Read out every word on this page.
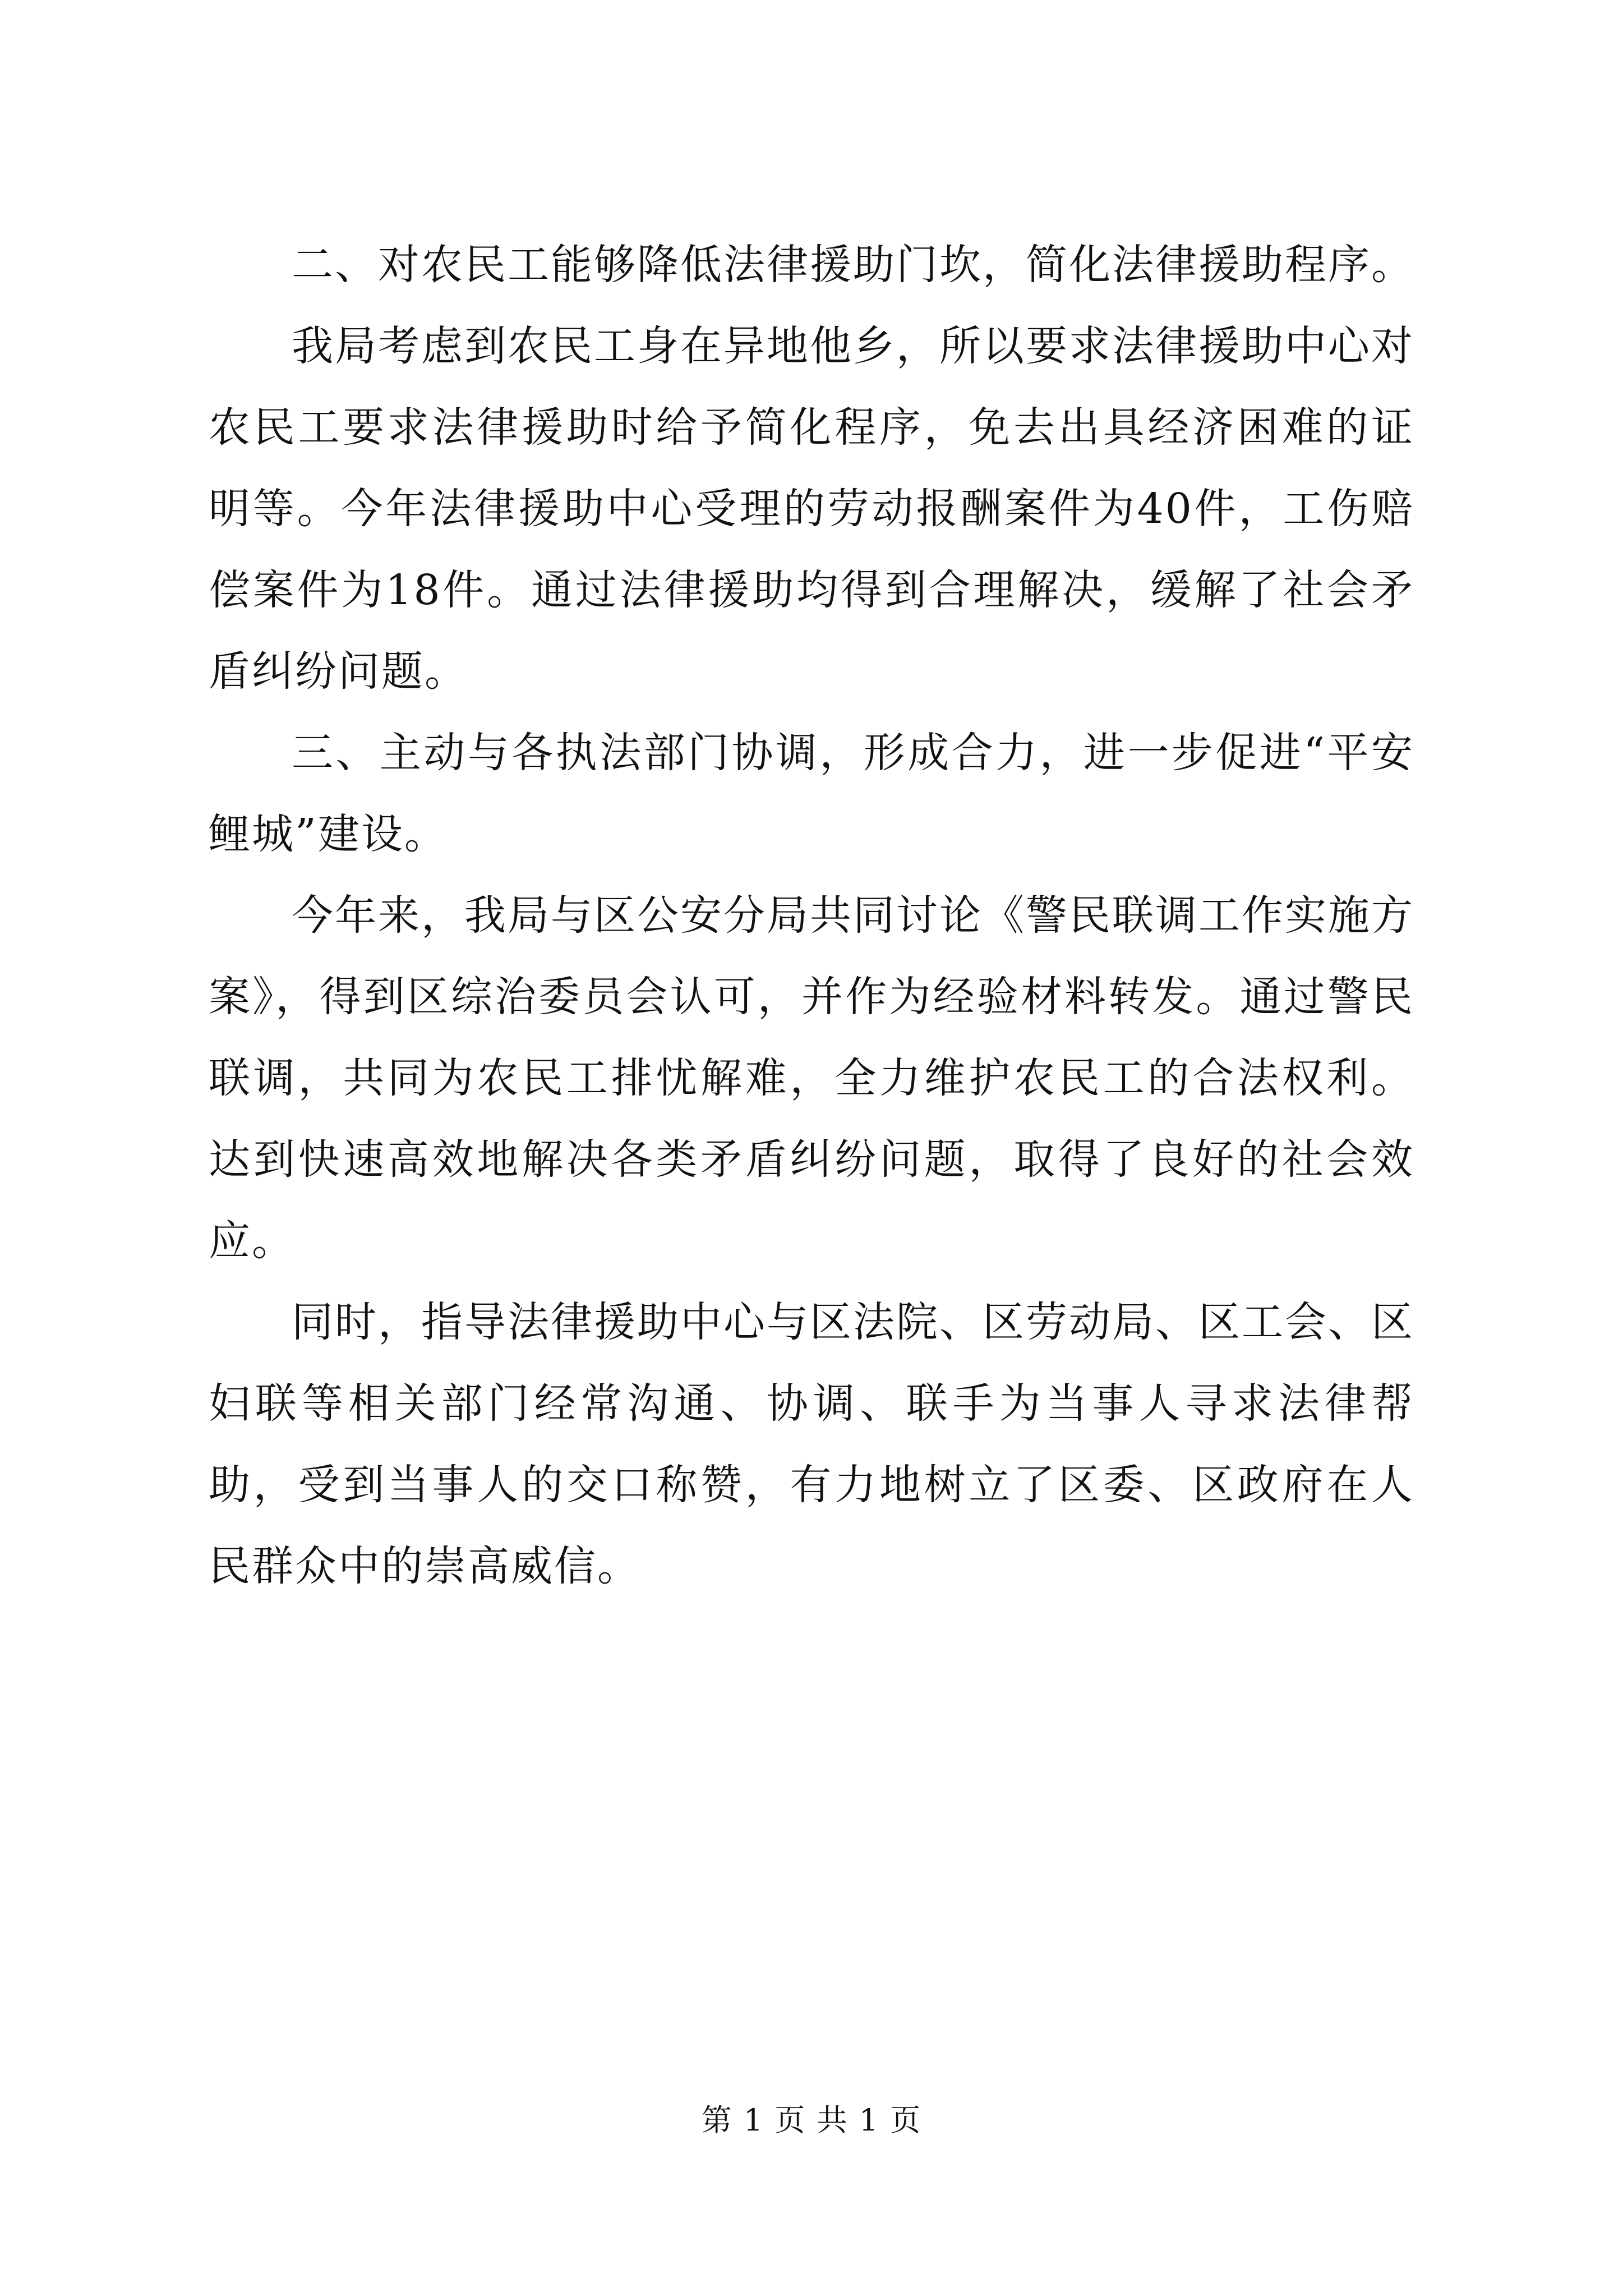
二、对农民工能够降低法律援助门坎，简化法律援助程序。

我局考虑到农民工身在异地他乡，所以要求法律援助中心对农民工要求法律援助时给予简化程序，免去出具经济困难的证明等。今年法律援助中心受理的劳动报酬案件为40件，工伤赔偿案件为18件。通过法律援助均得到合理解决，缓解了社会矛盾纠纷问题。

三、主动与各执法部门协调，形成合力，进一步促进“平安鲤城”建设。

今年来，我局与区公安分局共同讨论《警民联调工作实施方案》，得到区综治委员会认可，并作为经验材料转发。通过警民联调，共同为农民工排忧解难，全力维护农民工的合法权利。达到快速高效地解决各类矛盾纠纷问题，取得了良好的社会效应。

同时，指导法律援助中心与区法院、区劳动局、区工会、区妇联等相关部门经常沟通、协调、联手为当事人寻求法律帮助，受到当事人的交口称赞，有力地树立了区委、区政府在人民群众中的崇高威信。

第 1 页 共 1 页
